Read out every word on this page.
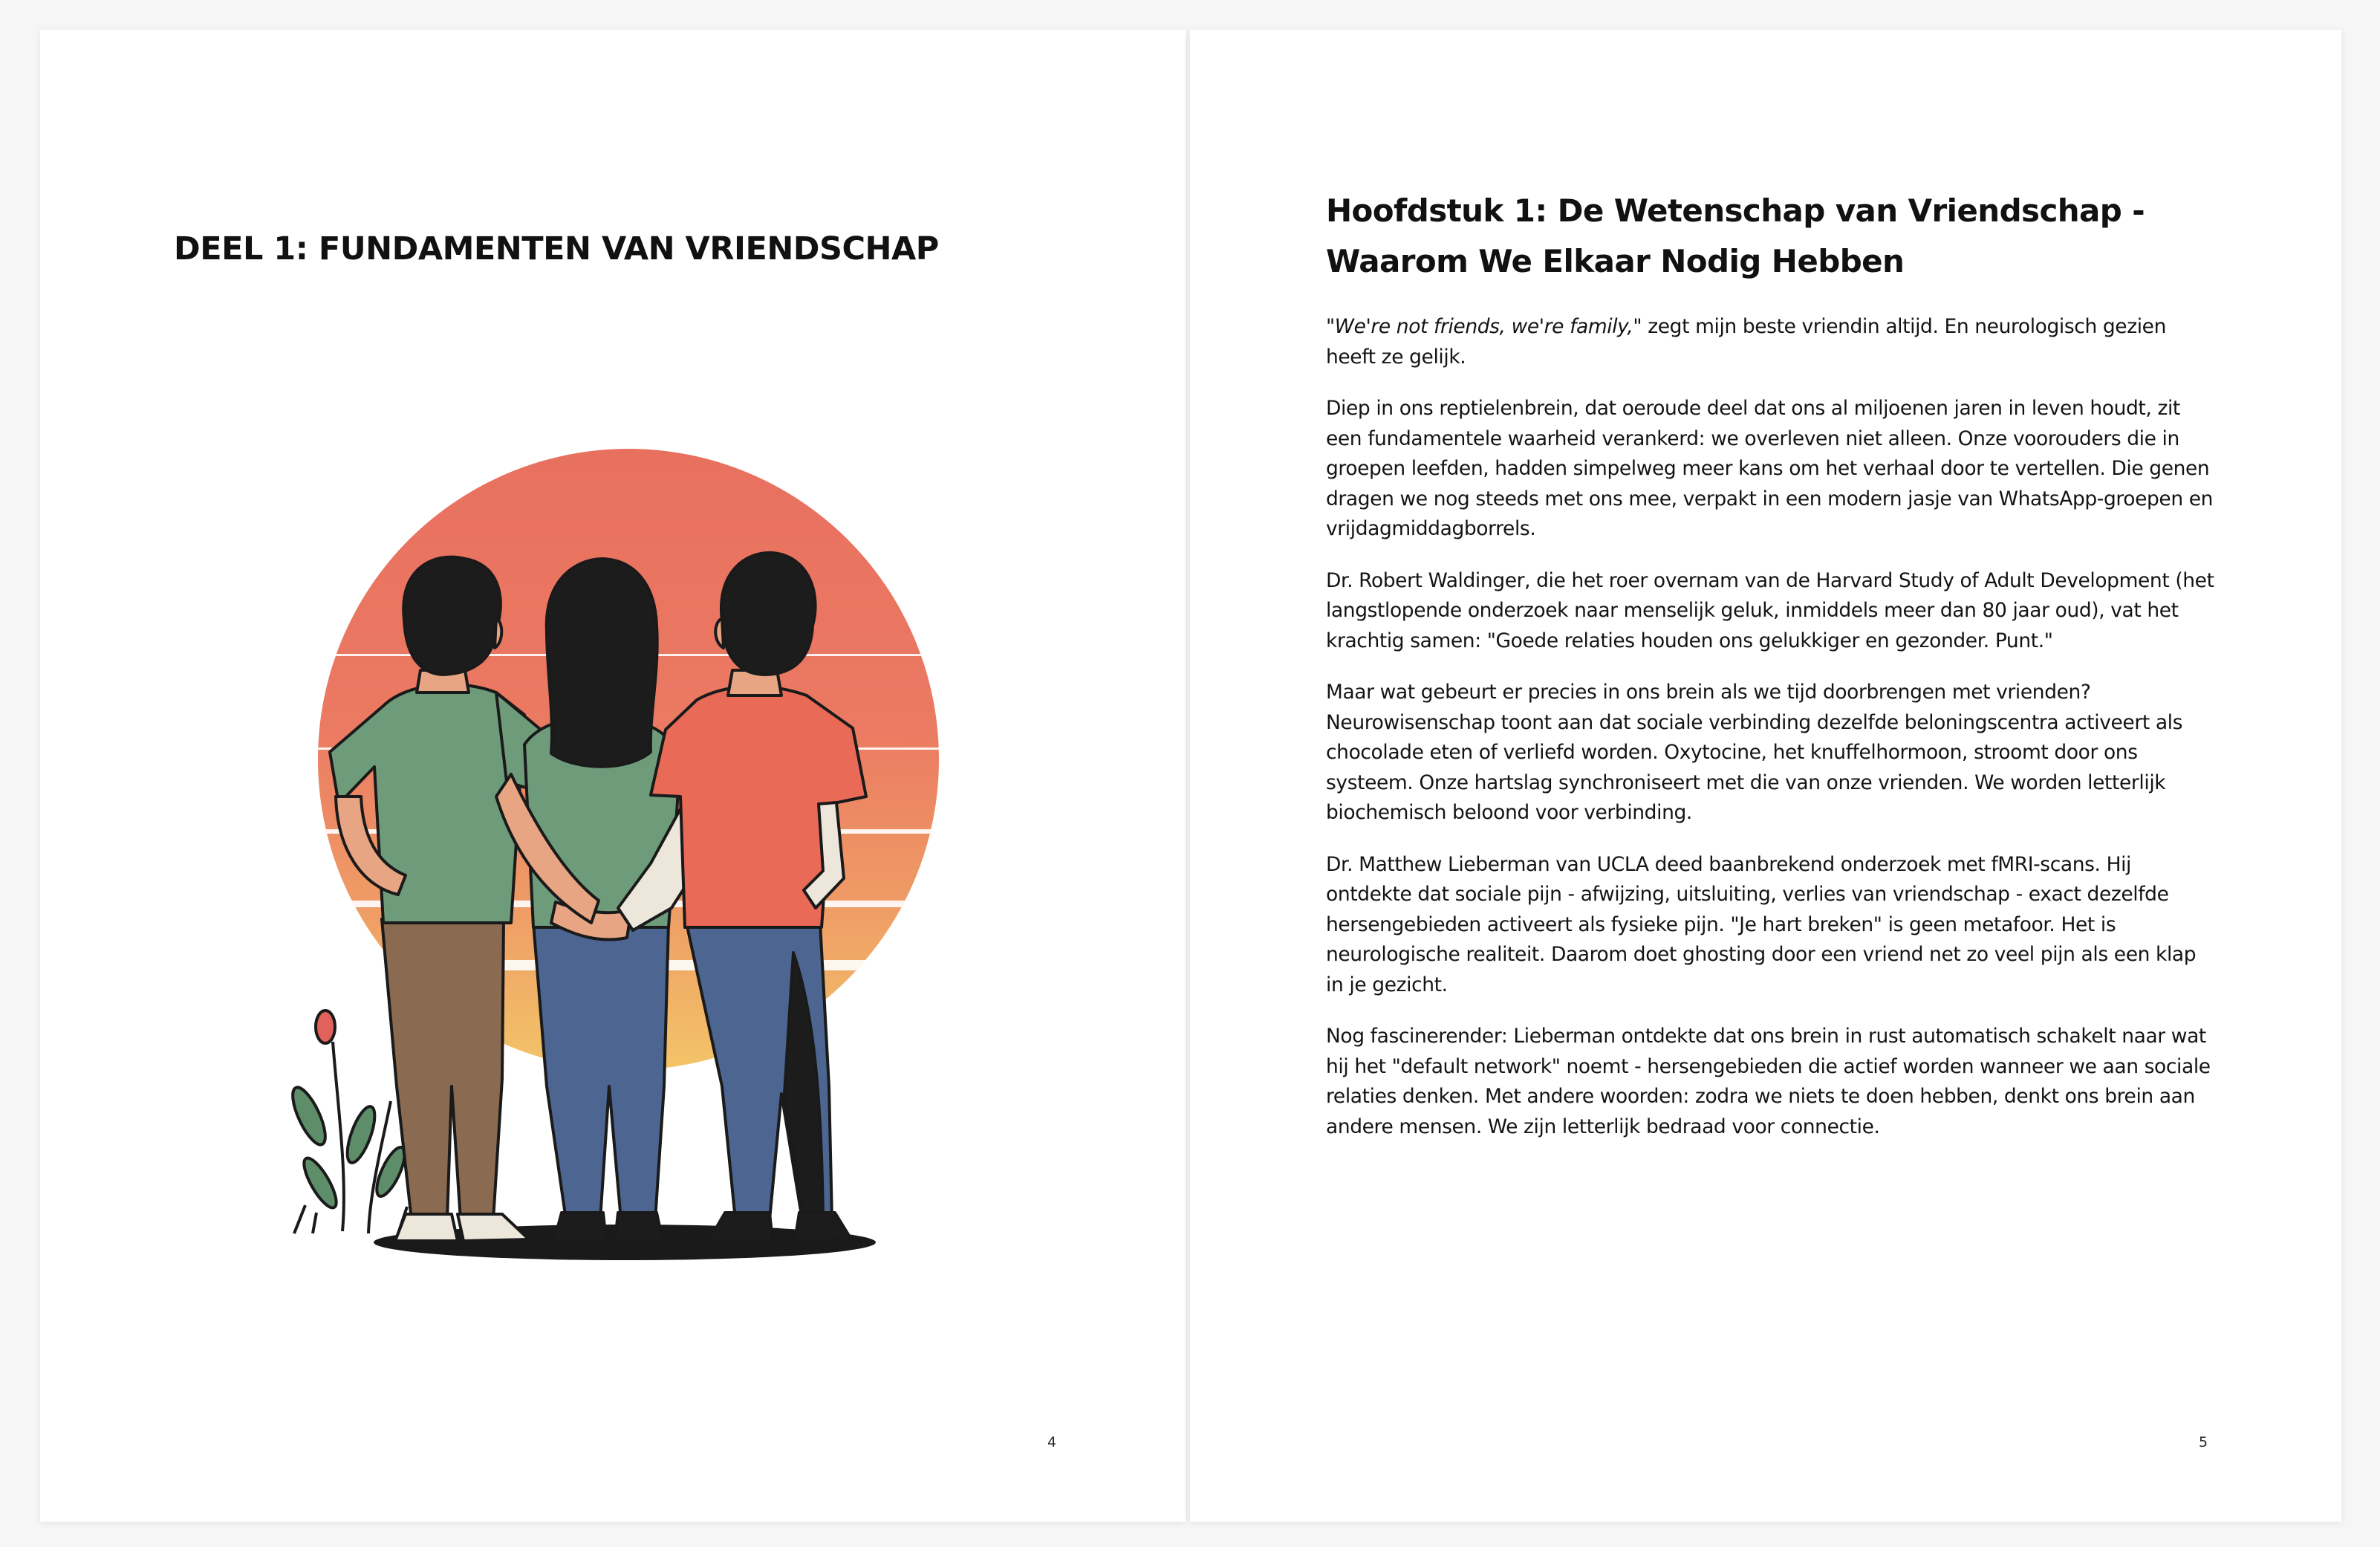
DEEL 1: FUNDAMENTEN VAN VRIENDSCHAP
4
Hoofdstuk 1: De Wetenschap van Vriendschap - Waarom We Elkaar Nodig Hebben

"We're not friends, we're family," zegt mijn beste vriendin altijd. En neurologisch gezien heeft ze gelijk.

Diep in ons reptielenbrein, dat oeroude deel dat ons al miljoenen jaren in leven houdt, zit een fundamentele waarheid verankerd: we overleven niet alleen. Onze voorouders die in groepen leefden, hadden simpelweg meer kans om het verhaal door te vertellen. Die genen dragen we nog steeds met ons mee, verpakt in een modern jasje van WhatsApp-groepen en vrijdagmiddagborrels.

Dr. Robert Waldinger, die het roer overnam van de Harvard Study of Adult Development (het langstlopende onderzoek naar menselijk geluk, inmiddels meer dan 80 jaar oud), vat het krachtig samen: "Goede relaties houden ons gelukkiger en gezonder. Punt."

Maar wat gebeurt er precies in ons brein als we tijd doorbrengen met vrienden? Neurowisenschap toont aan dat sociale verbinding dezelfde beloningscentra activeert als chocolade eten of verliefd worden. Oxytocine, het knuffelhormoon, stroomt door ons systeem. Onze hartslag synchroniseert met die van onze vrienden. We worden letterlijk biochemisch beloond voor verbinding.

Dr. Matthew Lieberman van UCLA deed baanbrekend onderzoek met fMRI-scans. Hij ontdekte dat sociale pijn - afwijzing, uitsluiting, verlies van vriendschap - exact dezelfde hersengebieden activeert als fysieke pijn. "Je hart breken" is geen metafoor. Het is neurologische realiteit. Daarom doet ghosting door een vriend net zo veel pijn als een klap in je gezicht.

Nog fascinerender: Lieberman ontdekte dat ons brein in rust automatisch schakelt naar wat hij het "default network" noemt - hersengebieden die actief worden wanneer we aan sociale relaties denken. Met andere woorden: zodra we niets te doen hebben, denkt ons brein aan andere mensen. We zijn letterlijk bedraad voor connectie.

5
